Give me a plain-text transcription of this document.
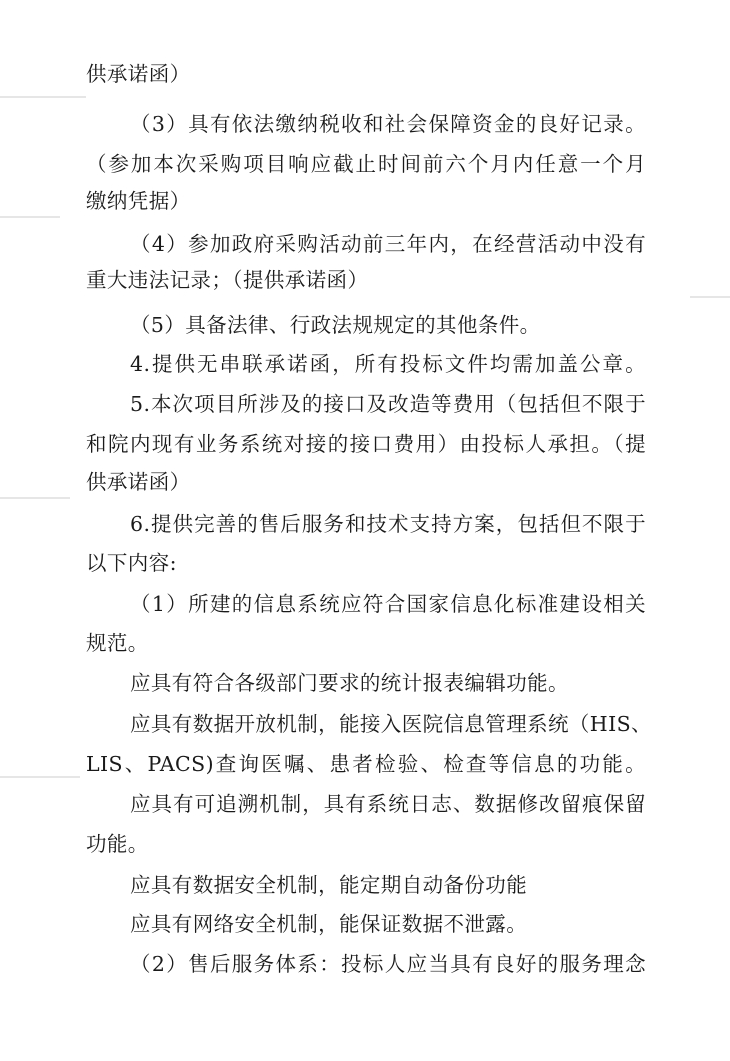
供承诺函）
（3）具有依法缴纳税收和社会保障资金的良好记录。
（参加本次采购项目响应截止时间前六个月内任意一个月
缴纳凭据）
（4）参加政府采购活动前三年内，在经营活动中没有
重大违法记录；（提供承诺函）
（5）具备法律、行政法规规定的其他条件。
4.提供无串联承诺函，所有投标文件均需加盖公章。
5.本次项目所涉及的接口及改造等费用（包括但不限于
和院内现有业务系统对接的接口费用）由投标人承担。（提
供承诺函）
6.提供完善的售后服务和技术支持方案，包括但不限于
以下内容:
（1）所建的信息系统应符合国家信息化标准建设相关
规范。
应具有符合各级部门要求的统计报表编辑功能。
应具有数据开放机制，能接入医院信息管理系统（HIS、
LIS、PACS)查询医嘱、患者检验、检查等信息的功能。
应具有可追溯机制，具有系统日志、数据修改留痕保留
功能。
应具有数据安全机制，能定期自动备份功能
应具有网络安全机制，能保证数据不泄露。
（2）售后服务体系：投标人应当具有良好的服务理念
